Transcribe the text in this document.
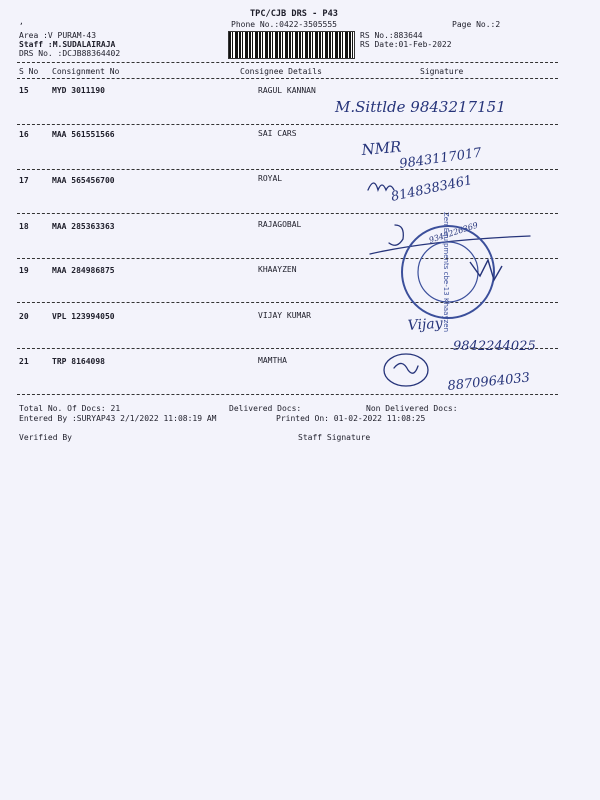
TPC/CJB DRS - P43
Phone No.:0422-3505555	Page No.:2
,
Area :V PURAM-43
Staff :M.SUDALAIRAJA
DRS No. :DCJB88364402
RS No.:883644
RS Date:01-Feb-2022
S No Consignment No	Consignee Details	Signature
15	MYD 3011190	RAGUL KANNAN
16	MAA 561551566	SAI CARS
17	MAA 565456700	ROYAL
18	MAA 285363363	RAJAGOBAL
19	MAA 284986875	KHAAYZEN
20	VPL 123994050	VIJAY KUMAR
21	TRP 8164098	MAMTHA
M.Sittlde 9843217151
NMR
9843117017
8148383461
9343226369
Vijay
9842244025
8870964033
Zen Equipments cbe-13 Khaayzen
Total No. Of Docs: 21	Delivered Docs:	Non Delivered Docs:
Entered By :SURYAP43 2/1/2022 11:08:19 AM	Printed On: 01-02-2022 11:08:25
Verified By	Staff Signature
